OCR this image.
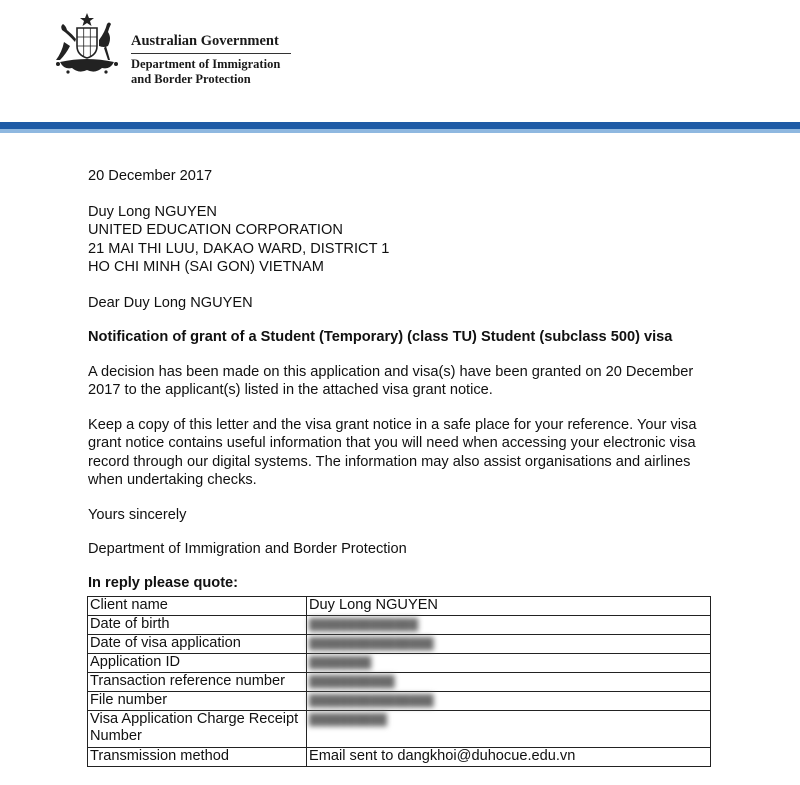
Australian Government
Department of Immigration
and Border Protection

20 December 2017

Duy Long NGUYEN
UNITED EDUCATION CORPORATION
21 MAI THI LUU, DAKAO WARD, DISTRICT 1
HO CHI MINH (SAI GON) VIETNAM

Dear Duy Long NGUYEN

Notification of grant of a Student (Temporary) (class TU) Student (subclass 500) visa

A decision has been made on this application and visa(s) have been granted on 20 December 2017 to the applicant(s) listed in the attached visa grant notice.

Keep a copy of this letter and the visa grant notice in a safe place for your reference. Your visa grant notice contains useful information that you will need when accessing your electronic visa record through our digital systems. The information may also assist organisations and airlines when undertaking checks.

Yours sincerely

Department of Immigration and Border Protection

In reply please quote:

Client name	Duy Long NGUYEN
Date of birth	██████████████
Date of visa application	████████████████
Application ID	████████
Transaction reference number	███████████
File number	████████████████
Visa Application Charge Receipt Number	██████████
Transmission method	Email sent to dangkhoi@duhocue.edu.vn
